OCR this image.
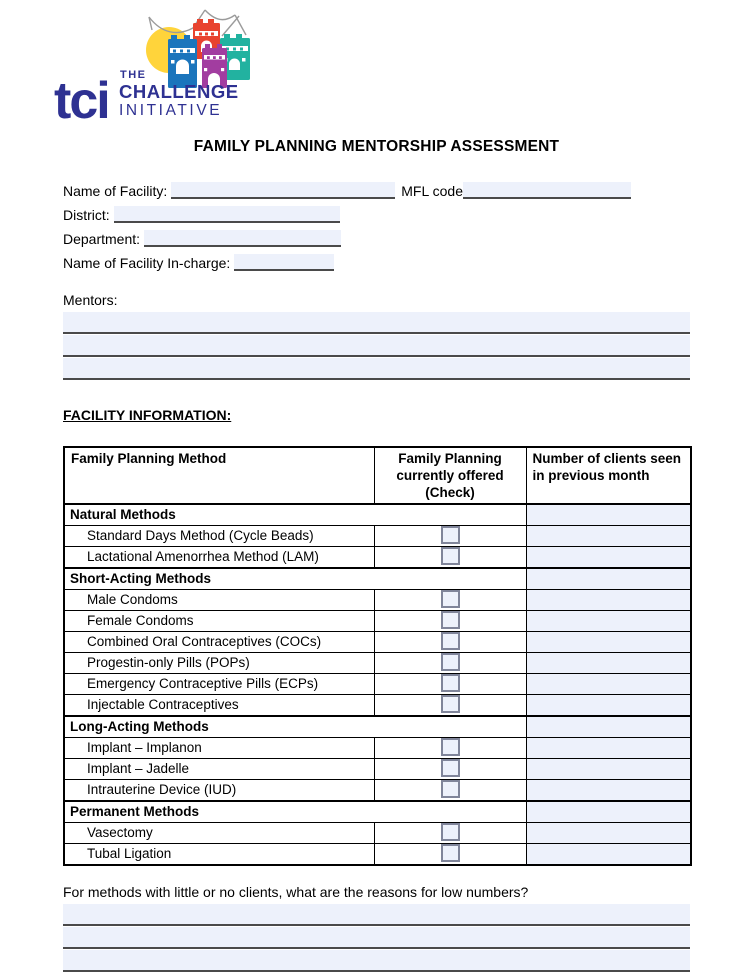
tci THE
CHALLENGE
INITIATIVE
FAMILY PLANNING MENTORSHIP ASSESSMENT
Name of Facility:	MFL code
District:
Department:
Name of Facility In-charge:
Mentors:
FACILITY INFORMATION:
Family Planning Method	Family Planning currently offered (Check)	Number of clients seen in previous month
Natural Methods		
Standard Days Method (Cycle Beads)		
Lactational Amenorrhea Method (LAM)		
Short-Acting Methods		
Male Condoms		
Female Condoms		
Combined Oral Contraceptives (COCs)		
Progestin-only Pills (POPs)		
Emergency Contraceptive Pills (ECPs)		
Injectable Contraceptives		
Long-Acting Methods		
Implant – Implanon		
Implant – Jadelle		
Intrauterine Device (IUD)		
Permanent Methods		
Vasectomy		
Tubal Ligation		
For methods with little or no clients, what are the reasons for low numbers?
